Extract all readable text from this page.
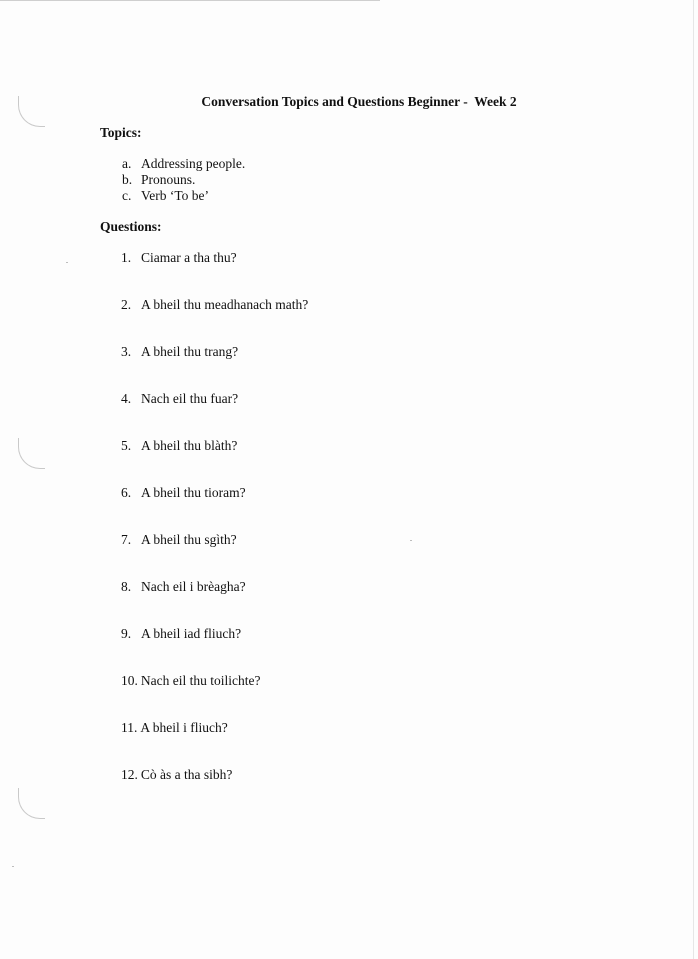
Conversation Topics and Questions Beginner -  Week 2
Topics:
a. Addressing people.
b. Pronouns.
c. Verb ‘To be’
Questions:
1. Ciamar a tha thu?
2. A bheil thu meadhanach math?
3. A bheil thu trang?
4. Nach eil thu fuar?
5. A bheil thu blàth?
6. A bheil thu tioram?
7. A bheil thu sgìth?
8. Nach eil i brèagha?
9. A bheil iad fliuch?
10. Nach eil thu toilichte?
11. A bheil i fliuch?
12. Cò às a tha sibh?
